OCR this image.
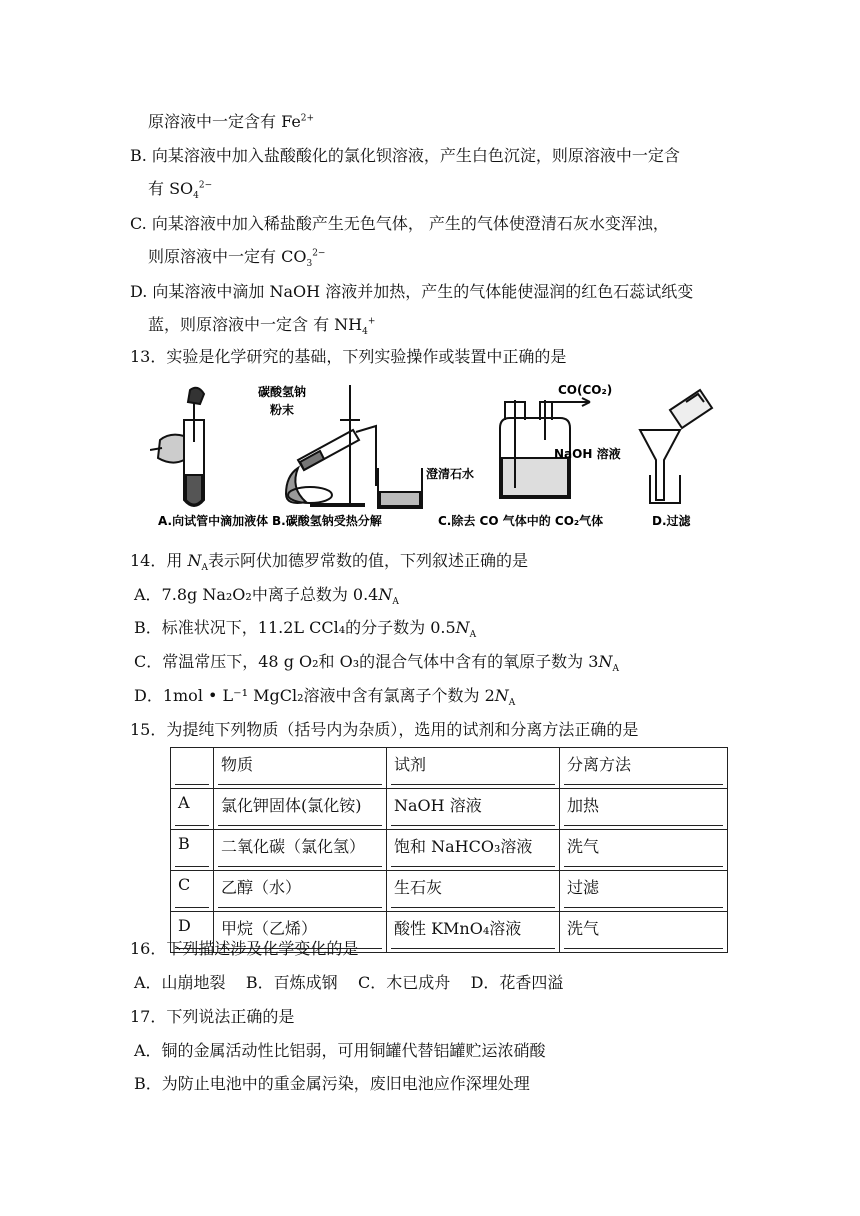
原溶液中一定含有 $Fe^{2+}$
B. 向某溶液中加入盐酸酸化的氯化钡溶液，产生白色沉淀，则原溶液中一定含
有 $SO_4^{2-}$
C. 向某溶液中加入稀盐酸产生无色气体， 产生的气体使澄清石灰水变浑浊，
则原溶液中一定有 $CO_3^{2-}$
D. 向某溶液中滴加 NaOH 溶液并加热，产生的气体能使湿润的红色石蕊试纸变
蓝，则原溶液中一定含 有 $NH_4^+$
13．实验是化学研究的基础，下列实验操作或装置中正确的是
A.向试管中滴加液体
碳酸氢钠
粉末
澄清石水
B.碳酸氢钠受热分解
CO(CO₂)
NaOH 溶液
C.除去 CO 气体中的 CO₂气体	D.过滤
14．用 $N_A$表示阿伏加德罗常数的值，下列叙述正确的是
A．7.8g Na₂O₂中离子总数为 $0.4N_A$
B．标准状况下，11.2L CCl₄的分子数为 $0.5N_A$
C．常温常压下，48 g O₂和 O₃的混合气体中含有的氧原子数为 $3N_A$
D．1mol • L⁻¹ MgCl₂溶液中含有氯离子个数为 $2N_A$
15．为提纯下列物质（括号内为杂质），选用的试剂和分离方法正确的是
	物质	试剂	分离方法
A	氯化钾固体(氯化铵)	NaOH 溶液	加热
B	二氧化碳（氯化氢）	饱和 NaHCO₃溶液	洗气
C	乙醇（水）	生石灰	过滤
D	甲烷（乙烯）	酸性 KMnO₄溶液	洗气
16．下列描述涉及化学变化的是
A．山崩地裂    B．百炼成钢    C．木已成舟    D．花香四溢
17．下列说法正确的是
A．铜的金属活动性比铝弱，可用铜罐代替铝罐贮运浓硝酸
B．为防止电池中的重金属污染，废旧电池应作深埋处理
